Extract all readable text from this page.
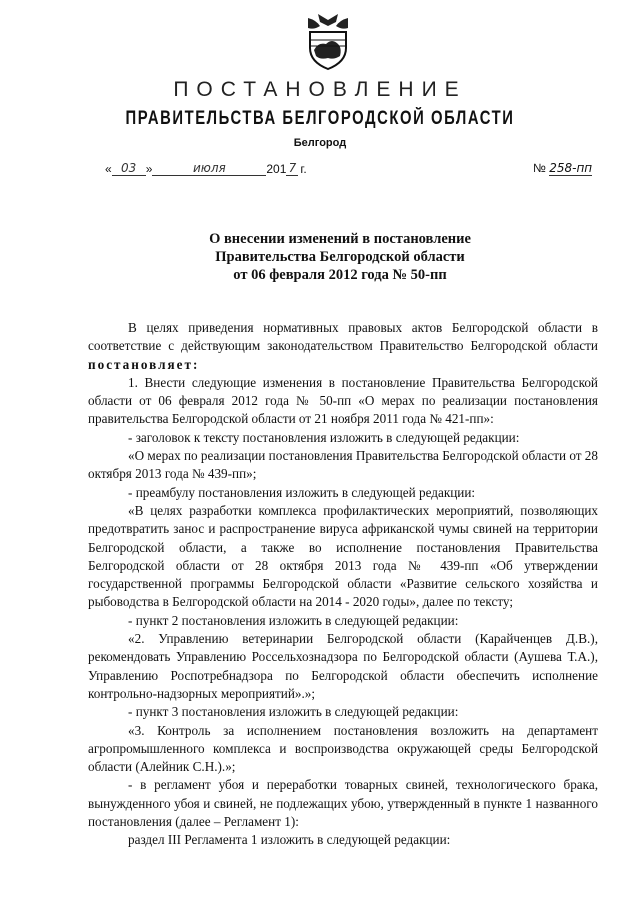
ПОСТАНОВЛЕНИЕ
ПРАВИТЕЛЬСТВА БЕЛГОРОДСКОЙ ОБЛАСТИ
Белгород
« 03 »	июля	201 7 г.	№ 258-пп
О внесении изменений в постановление
Правительства Белгородской области
от 06 февраля 2012 года № 50-пп

В целях приведения нормативных правовых актов Белгородской области в соответствие с действующим законодательством Правительство Белгородской области постановляет:

1. Внести следующие изменения в постановление Правительства Белгородской области от 06 февраля 2012 года № 50-пп «О мерах по реализации постановления правительства Белгородской области от 21 ноября 2011 года № 421-пп»:

- заголовок к тексту постановления изложить в следующей редакции:

«О мерах по реализации постановления Правительства Белгородской области от 28 октября 2013 года № 439-пп»;

- преамбулу постановления изложить в следующей редакции:

«В целях разработки комплекса профилактических мероприятий, позволяющих предотвратить занос и распространение вируса африканской чумы свиней на территории Белгородской области, а также во исполнение постановления Правительства Белгородской области от 28 октября 2013 года № 439-пп «Об утверждении государственной программы Белгородской области «Развитие сельского хозяйства и рыбоводства в Белгородской области на 2014 - 2020 годы», далее по тексту;

- пункт 2 постановления изложить в следующей редакции:

«2. Управлению ветеринарии Белгородской области (Карайченцев Д.В.), рекомендовать Управлению Россельхознадзора по Белгородской области (Аушева Т.А.), Управлению Роспотребнадзора по Белгородской области обеспечить исполнение контрольно-надзорных мероприятий».»;

- пункт 3 постановления изложить в следующей редакции:

«3. Контроль за исполнением постановления возложить на департамент агропромышленного комплекса и воспроизводства окружающей среды Белгородской области (Алейник С.Н.).»;

- в регламент убоя и переработки товарных свиней, технологического брака, вынужденного убоя и свиней, не подлежащих убою, утвержденный в пункте 1 названного постановления (далее – Регламент 1):

раздел III Регламента 1 изложить в следующей редакции:
